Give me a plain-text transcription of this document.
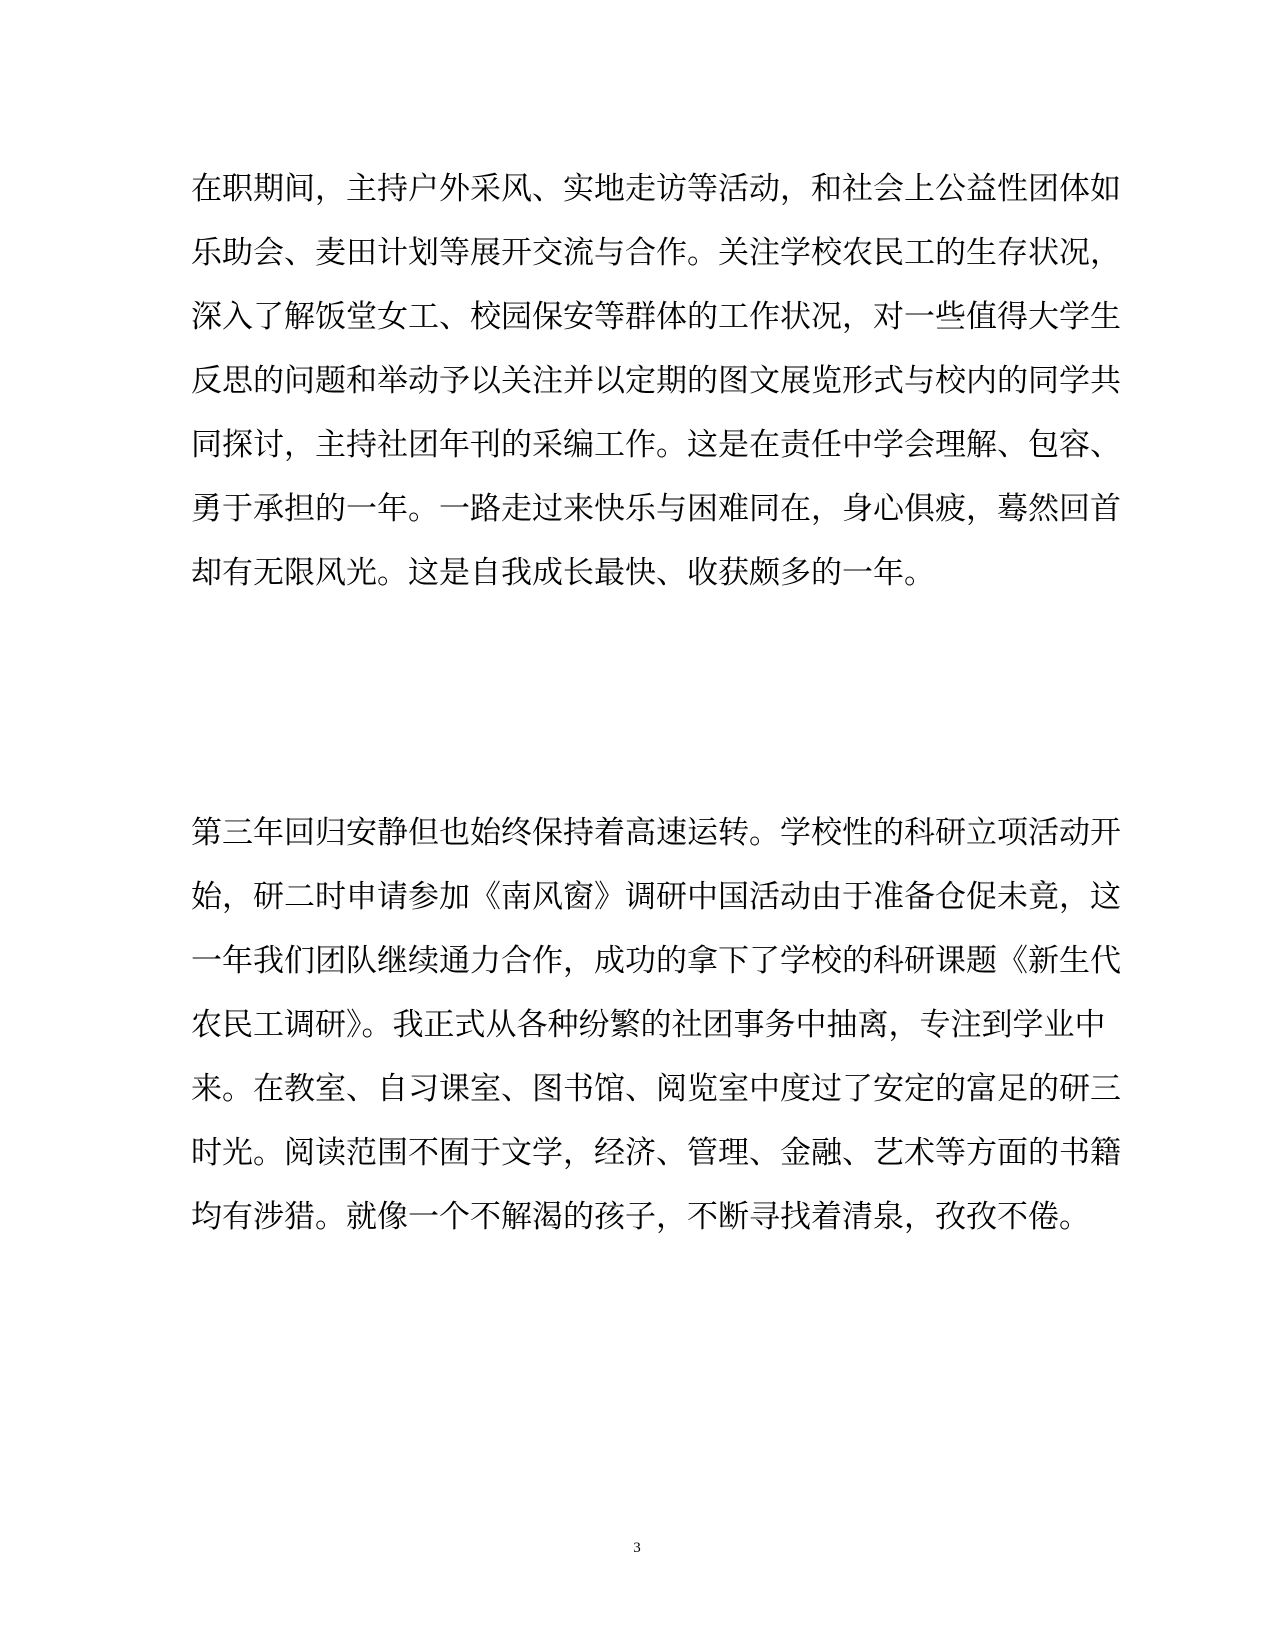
在职期间，主持户外采风、实地走访等活动，和社会上公益性团体如
乐助会、麦田计划等展开交流与合作。关注学校农民工的生存状况，
深入了解饭堂女工、校园保安等群体的工作状况，对一些值得大学生
反思的问题和举动予以关注并以定期的图文展览形式与校内的同学共
同探讨，主持社团年刊的采编工作。这是在责任中学会理解、包容、
勇于承担的一年。一路走过来快乐与困难同在，身心俱疲，蓦然回首
却有无限风光。这是自我成长最快、收获颇多的一年。
第三年回归安静但也始终保持着高速运转。学校性的科研立项活动开
始，研二时申请参加《南风窗》调研中国活动由于准备仓促未竟，这
一年我们团队继续通力合作，成功的拿下了学校的科研课题《新生代
农民工调研》。我正式从各种纷繁的社团事务中抽离，专注到学业中
来。在教室、自习课室、图书馆、阅览室中度过了安定的富足的研三
时光。阅读范围不囿于文学，经济、管理、金融、艺术等方面的书籍
均有涉猎。就像一个不解渴的孩子，不断寻找着清泉，孜孜不倦。
3
